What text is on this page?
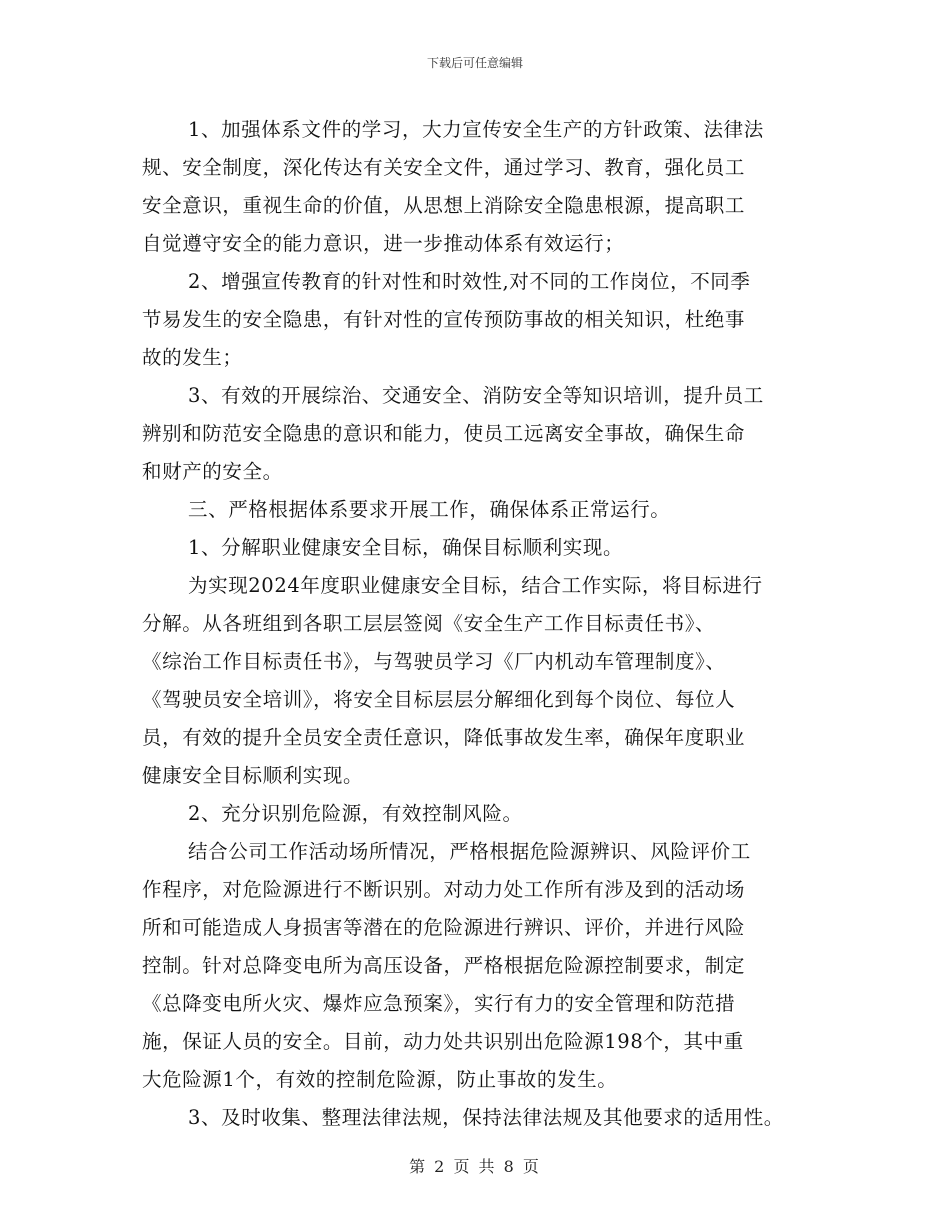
下载后可任意编辑
1、加强体系文件的学习，大力宣传安全生产的方针政策、法律法
规、安全制度，深化传达有关安全文件，通过学习、教育，强化员工
安全意识，重视生命的价值，从思想上消除安全隐患根源，提高职工
自觉遵守安全的能力意识，进一步推动体系有效运行；
2、增强宣传教育的针对性和时效性,对不同的工作岗位，不同季
节易发生的安全隐患，有针对性的宣传预防事故的相关知识，杜绝事
故的发生；
3、有效的开展综治、交通安全、消防安全等知识培训，提升员工
辨别和防范安全隐患的意识和能力，使员工远离安全事故，确保生命
和财产的安全。
三、严格根据体系要求开展工作，确保体系正常运行。
1、分解职业健康安全目标，确保目标顺利实现。
为实现2024年度职业健康安全目标，结合工作实际，将目标进行
分解。从各班组到各职工层层签阅《安全生产工作目标责任书》、
《综治工作目标责任书》，与驾驶员学习《厂内机动车管理制度》、
《驾驶员安全培训》，将安全目标层层分解细化到每个岗位、每位人
员，有效的提升全员安全责任意识，降低事故发生率，确保年度职业
健康安全目标顺利实现。
2、充分识别危险源，有效控制风险。
结合公司工作活动场所情况，严格根据危险源辨识、风险评价工
作程序，对危险源进行不断识别。对动力处工作所有涉及到的活动场
所和可能造成人身损害等潜在的危险源进行辨识、评价，并进行风险
控制。针对总降变电所为高压设备，严格根据危险源控制要求，制定
《总降变电所火灾、爆炸应急预案》，实行有力的安全管理和防范措
施，保证人员的安全。目前，动力处共识别出危险源198个，其中重
大危险源1个，有效的控制危险源，防止事故的发生。
3、及时收集、整理法律法规，保持法律法规及其他要求的适用性。
第 2 页 共 8 页
